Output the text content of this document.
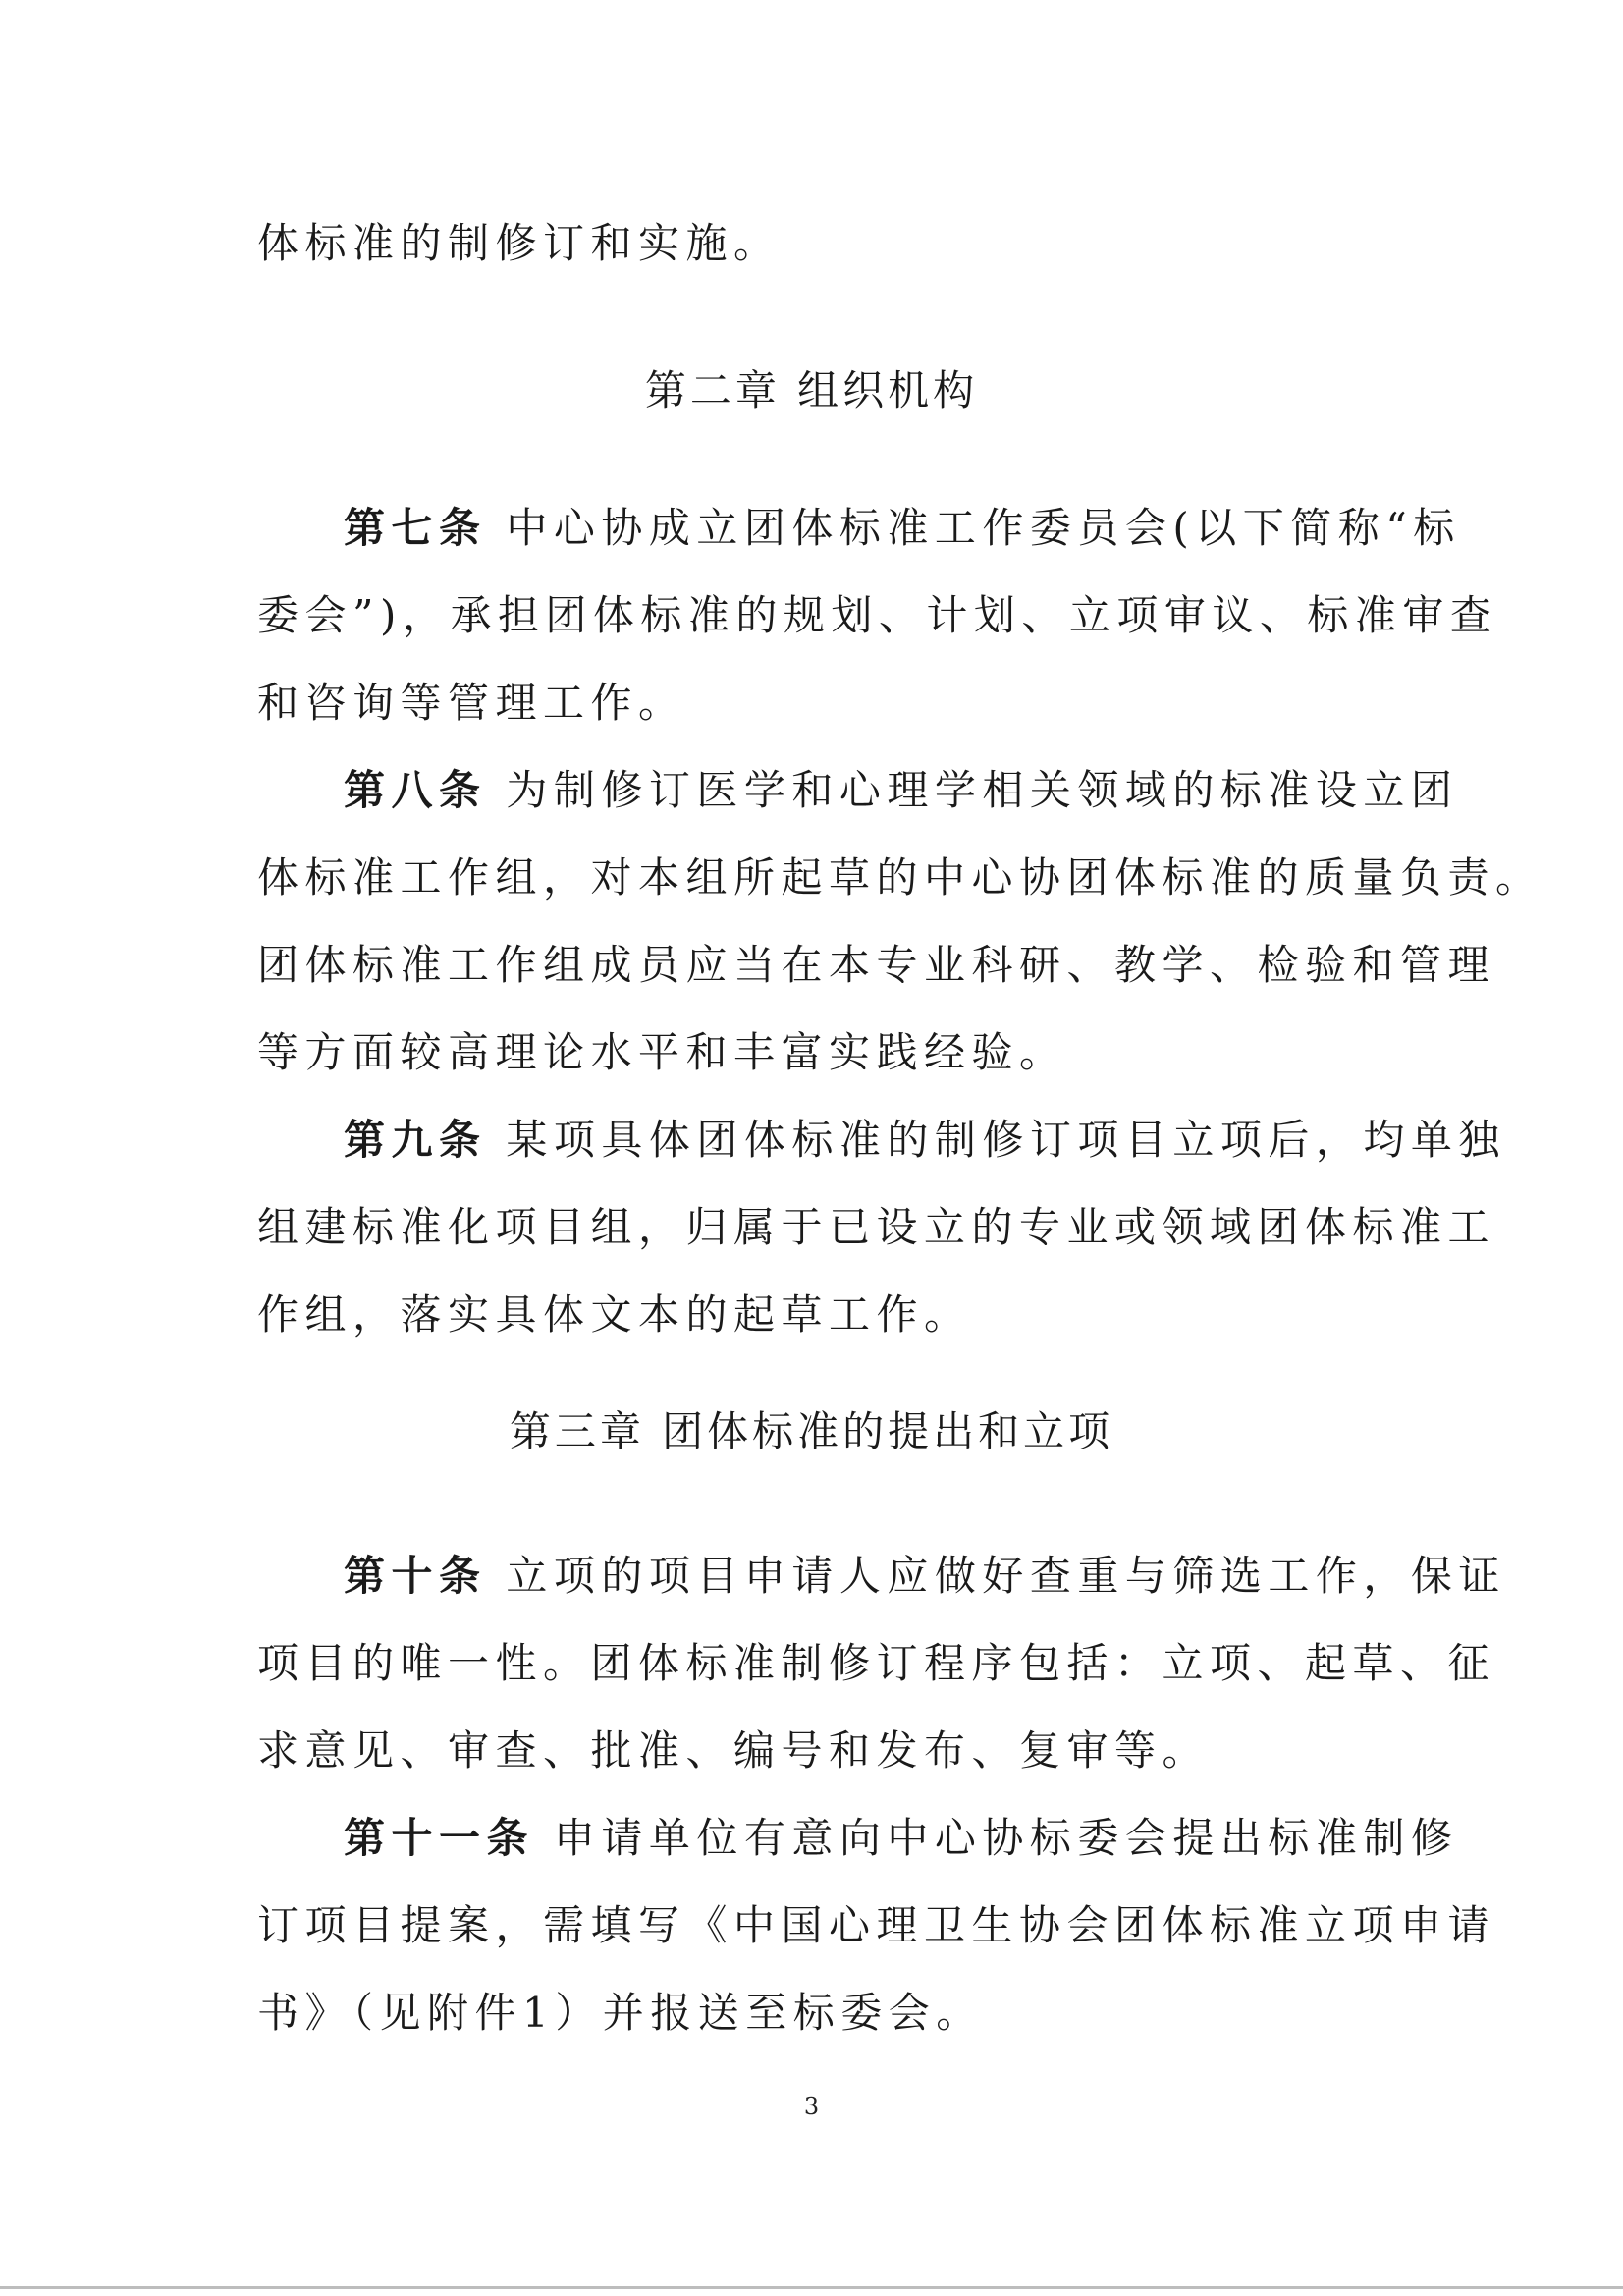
体标准的制修订和实施。
第二章 组织机构
第七条 中心协成立团体标准工作委员会(以下简称“标
委会”)，承担团体标准的规划、计划、立项审议、标准审查
和咨询等管理工作。
第八条 为制修订医学和心理学相关领域的标准设立团
体标准工作组，对本组所起草的中心协团体标准的质量负责。
团体标准工作组成员应当在本专业科研、教学、检验和管理
等方面较高理论水平和丰富实践经验。
第九条 某项具体团体标准的制修订项目立项后，均单独
组建标准化项目组，归属于已设立的专业或领域团体标准工
作组，落实具体文本的起草工作。
第三章 团体标准的提出和立项
第十条 立项的项目申请人应做好查重与筛选工作，保证
项目的唯一性。团体标准制修订程序包括：立项、起草、征
求意见、审查、批准、编号和发布、复审等。
第十一条 申请单位有意向中心协标委会提出标准制修
订项目提案，需填写《中国心理卫生协会团体标准立项申请
书》（见附件1）并报送至标委会。
3
